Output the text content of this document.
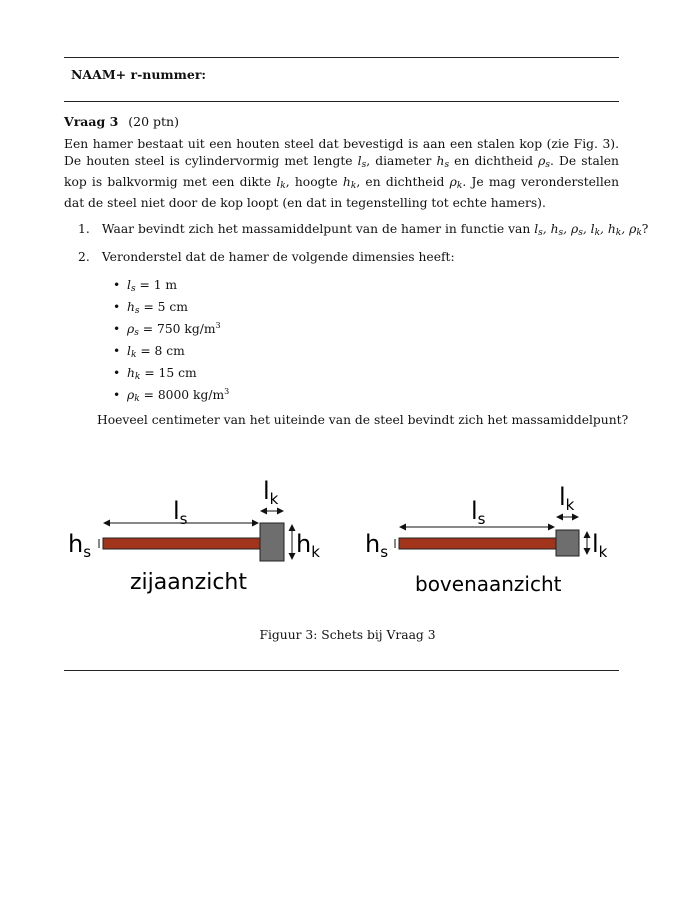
NAAM+ r-nummer:
Vraag 3 (20 ptn)

Een hamer bestaat uit een houten steel dat bevestigd is aan een stalen kop (zie Fig. 3). De houten steel is cylindervormig met lengte $l_s$, diameter $h_s$ en dichtheid $\rho_s$. De stalen kop is balkvormig met een dikte $l_k$, hoogte $h_k$, en dichtheid $\rho_k$. Je mag veronderstellen dat de steel niet door de kop loopt (en dat in tegenstelling tot echte hamers).

1. Waar bevindt zich het massamiddelpunt van de hamer in functie van $l_s$, $h_s$, $\rho_s$, $l_k$, $h_k$, $\rho_k$?
2. Veronderstel dat de hamer de volgende dimensies heeft:
• $l_s = 1$ m
• $h_s = 5$ cm
• $\rho_s = 750$ $kg/m^3$
• $l_k = 8$ cm
• $h_k = 15$ cm
• $\rho_k = 8000$ $kg/m^3$
Hoeveel centimeter van het uiteinde van de steel bevindt zich het massamiddelpunt?
$l_s$
$l_k$
$h_k$
$h_s$
zijaanzicht
$l_s$
$l_k$
$l_k$
$h_s$
bovenaanzicht
Figuur 3: Schets bij Vraag 3
